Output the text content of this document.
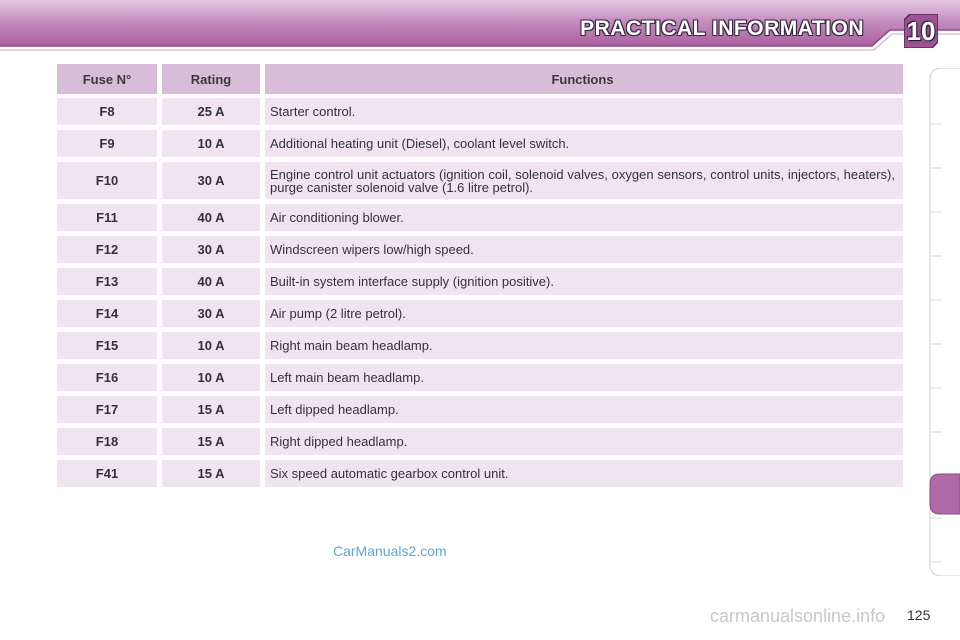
PRACTICAL INFORMATION 10
Fuse N°	Rating	Functions
F8	25 A	Starter control.
F9	10 A	Additional heating unit (Diesel), coolant level switch.
F10	30 A	Engine control unit actuators (ignition coil, solenoid valves, oxygen sensors, control units, injectors, heaters), purge canister solenoid valve (1.6 litre petrol).
F11	40 A	Air conditioning blower.
F12	30 A	Windscreen wipers low/high speed.
F13	40 A	Built-in system interface supply (ignition positive).
F14	30 A	Air pump (2 litre petrol).
F15	10 A	Right main beam headlamp.
F16	10 A	Left main beam headlamp.
F17	15 A	Left dipped headlamp.
F18	15 A	Right dipped headlamp.
F41	15 A	Six speed automatic gearbox control unit.
CarManuals2.com
carmanualsonline.info 125
